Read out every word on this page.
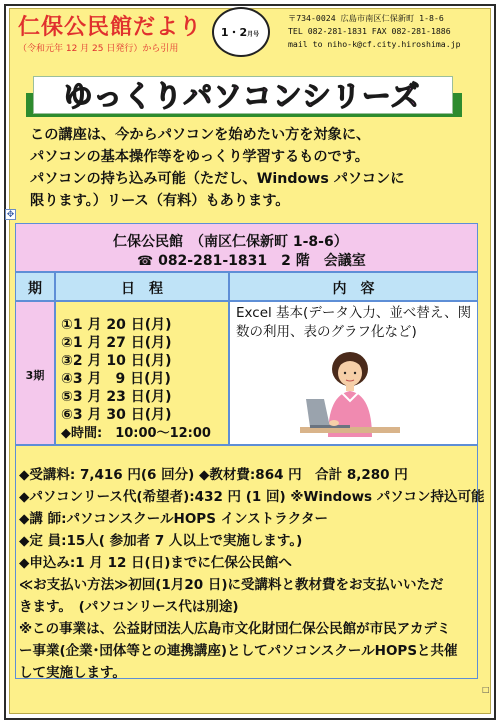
仁保公民館だより
（令和元年 12 月 25 日発行）から引用
1・2月号
〒734-0024 広島市南区仁保新町 1-8-6
TEL 082-281-1831 FAX 082-281-1886
mail to niho-k@cf.city.hiroshima.jp
ゆっくりパソコンシリーズ
この講座は、今からパソコンを始めたい方を対象に、
パソコンの基本操作等をゆっくり学習するものです。
パソコンの持ち込み可能（ただし、Windows パソコンに
限ります。）リース（有料）もあります。
✥
仁保公民館　（南区仁保新町 1-8-6）
☎ 082-281-1831　2 階　会議室
期	日　程	内　容
3期
①1 月 20 日(月)
②1 月 27 日(月)
③2 月 10 日(月)
④3 月　9 日(月)
⑤3 月 23 日(月)
⑥3 月 30 日(月)
◆時間:　10:00～12:00
Excel 基本(データ入力、並べ替え、関数の利用、表のグラフ化など)
◆受講料: 7,416 円(6 回分) ◆教材費:864 円　合計 8,280 円
◆パソコンリース代(希望者):432 円 (1 回) ※Windows パソコン持込可能
◆講 師:パソコンスクールHOPS インストラクター
◆定 員:15人( 参加者 7 人以上で実施します。)
◆申込み:1 月 12 日(日)までに仁保公民館へ
≪お支払い方法≫初回(1月20 日)に受講料と教材費をお支払いいただ
きます。　(パソコンリース代は別途)
※この事業は、公益財団法人広島市文化財団仁保公民館が市民アカデミ
ー事業(企業･団体等との連携講座)としてパソコンスクールHOPSと共催
して実施します。
□
